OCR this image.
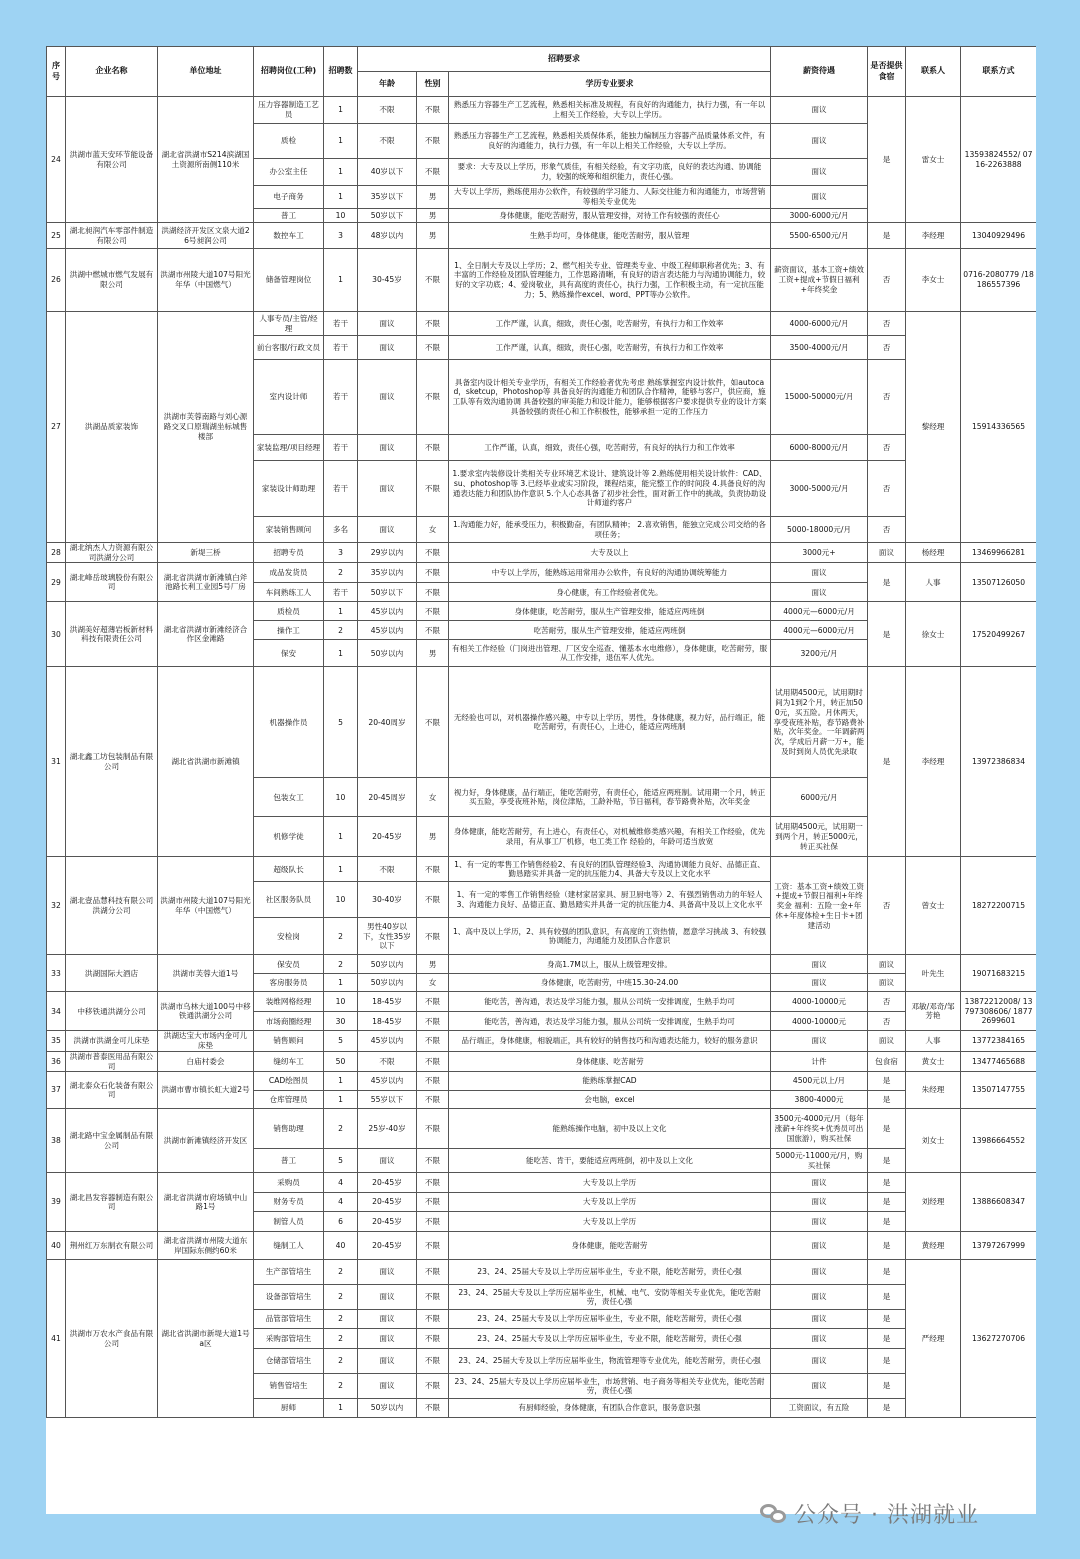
序号	企业名称	单位地址	招聘岗位(工种)	招聘数	招聘要求			薪资待遇	是否提供食宿	联系人	联系方式
					年龄	性别	学历专业要求				
24	洪湖市蓝天安环节能设备有限公司	湖北省洪湖市S214滨湖国土资源所南侧110米	压力容器制造工艺员	1	不限	不限	熟悉压力容器生产工艺流程，熟悉相关标准及规程，有良好的沟通能力，执行力强，有一年以上相关工作经验，大专以上学历。	面议	是	雷女士	13593824552/ 0716-2263888
			质检	1	不限	不限	熟悉压力容器生产工艺流程，熟悉相关质保体系，能独力编制压力容器产品质量体系文件，有良好的沟通能力，执行力强，有一年以上相关工作经验，大专以上学历。	面议			
			办公室主任	1	40岁以下	不限	要求：大专及以上学历，形象气质佳，有相关经验，有文字功底，良好的表达沟通、协调能力，较强的统筹和组织能力，责任心强。	面议			
			电子商务	1	35岁以下	男	大专以上学历，熟练使用办公软件，有较强的学习能力、人际交往能力和沟通能力，市场营销等相关专业优先	面议			
			普工	10	50岁以下	男	身体健康，能吃苦耐劳，服从管理安排，对待工作有较强的责任心	3000-6000元/月			
25	湖北昶润汽车零部件制造有限公司	洪湖经济开发区文泉大道26号昶润公司	数控车工	3	48岁以内	男	生熟手均可，身体健康，能吃苦耐劳，服从管理	5500-6500元/月	是	李经理	13040929496
26	洪湖中燃城市燃气发展有限公司	洪湖市州陵大道107号阳光年华（中国燃气）	储备管理岗位	1	30-45岁	不限	1、全日制大专及以上学历；2、燃气相关专业、管理类专业、中级工程师职称者优先；3、有丰富的工作经验及团队管理能力，工作思路清晰，有良好的语言表达能力与沟通协调能力，较好的文字功底；4、爱岗敬业，具有高度的责任心，执行力强，工作积极主动，有一定抗压能力；5、熟练操作excel、word、PPT等办公软件。	薪资面议，基本工资+绩效工资+提成+节假日福利+年终奖金	否	李女士	0716-2080779 /18186557396
27	洪湖品质家装饰	洪湖市芙蓉南路与刘心源路交叉口原瑞湖坐标城售楼部	人事专员/主管/经理	若干	面议	不限	工作严谨，认真，细致，责任心强，吃苦耐劳，有执行力和工作效率	4000-6000元/月	否	黎经理	15914336565
			前台客服/行政文员	若干	面议	不限	工作严谨，认真，细致，责任心强，吃苦耐劳，有执行力和工作效率	3500-4000元/月	否		
			室内设计师	若干	面议	不限	具备室内设计相关专业学历，有相关工作经验者优先考虑 熟练掌握室内设计软件，如autocad，sketcup，Photoshop等 具备良好的沟通能力和团队合作精神，能够与客户，供应商，施工队等有效沟通协调 具备较强的审美能力和设计能力，能够根据客户要求提供专业的设计方案 具备较强的责任心和工作积极性，能够承担一定的工作压力	15000-50000元/月	否		
			家装监理/项目经理	若干	面议	不限	工作严谨，认真，细致，责任心强，吃苦耐劳，有良好的执行力和工作效率	6000-8000元/月	否		
			家装设计师助理	若干	面议	不限	1.要求室内装修设计类相关专业环境艺术设计、建筑设计等 2.熟练使用相关设计软件：CAD、su、photoshop等 3.已经毕业或实习阶段，课程结束，能完整工作的时间段 4.具备良好的沟通表达能力和团队协作意识 5.个人心态具备了初步社会性，面对新工作中的挑战，负责协助设计师道约客户	3000-5000元/月	否		
			家装销售顾问	多名	面议	女	1.沟通能力好，能承受压力，积极勤奋，有团队精神； 2.喜欢销售，能独立完成公司交给的各项任务；	5000-18000元/月	否		
28	湖北纳杰人力资源有限公司洪湖分公司	新堤三桥	招聘专员	3	29岁以内	不限	大专及以上	3000元+	面议	杨经理	13469966281
29	湖北峰岳玻璃股份有限公司	湖北省洪湖市新滩镇白斧池路长利工业园5号厂房	成品发货员	2	35岁以内	不限	中专以上学历，能熟练运用常用办公软件，有良好的沟通协调统筹能力	面议	是	人事	13507126050
			车间熟练工人	若干	50岁以下	不限	身心健康，有工作经验者优先。	面议			
30	洪湖美好超薄岩板新材料科技有限责任公司	湖北省洪湖市新滩经济合作区金滩路	质检员	1	45岁以内	不限	身体健康，吃苦耐劳，服从生产管理安排，能适应两班倒	4000元—6000元/月	是	徐女士	17520499267
			操作工	2	45岁以内	不限	吃苦耐劳，服从生产管理安排，能适应两班倒	4000元—6000元/月			
			保安	1	50岁以内	男	有相关工作经验（门岗进出管理、厂区安全巡查、懂基本水电维修），身体健康，吃苦耐劳，服从工作安排，退伍军人优先。	3200元/月			
31	湖北鑫工坊包装制品有限公司	湖北省洪湖市新滩镇	机器操作员	5	20-40周岁	不限	无经验也可以，对机器操作感兴趣，中专以上学历，男性，身体健康，视力好，品行端正，能吃苦耐劳，有责任心，上进心，能适应两班制	试用期4500元，试用期时间为1到2个月，转正加500元，买五险。月休两天，享受夜班补贴，春节路费补贴，次年奖金。一年调薪两次，学成后月薪一万+，能及时到岗人员优先录取	是	李经理	13972386834
			包装女工	10	20-45周岁	女	视力好，身体健康，品行端正，能吃苦耐劳，有责任心，能适应两班制。试用期一个月，转正买五险，享受夜班补贴，岗位津贴，工龄补贴，节日福利，春节路费补贴，次年奖金	6000元/月			
			机修学徒	1	20-45岁	男	身体健康，能吃苦耐劳，有上进心，有责任心，对机械维修类感兴趣，有相关工作经验，优先录用，有从事工厂机修，电工类工作 经验的，年龄可适当放宽	试用期4500元，试用期一到两个月，转正5000元，转正买社保			
32	湖北壹品慧科技有限公司洪湖分公司	洪湖市州陵大道107号阳光年华（中国燃气）	超级队长	1	不限	不限	1、有一定的零售工作销售经验2、有良好的团队管理经验3、沟通协调能力良好、品德正直、勤恳踏实并具备一定的抗压能力4、具备大专及以上文化水平	工资：基本工资+绩效工资+提成+节假日福利+年终奖金 福利：五险一金+年休+年度体检+生日卡+团建活动	否	曾女士	18272200715
			社区服务队员	10	30-40岁	不限	1、有一定的零售工作销售经验（建材家居家具、厨卫厨电等）2、有强烈销售动力的年轻人3、沟通能力良好、品德正直、勤恳踏实并具备一定的抗压能力4、具备高中及以上文化水平				
			安检岗	2	男性40岁以下，女性35岁以下	不限	1、高中及以上学历，2、具有较强的团队意识，有高度的工资热情，愿意学习挑战 3、有较强协调能力，沟通能力及团队合作意识				
33	洪湖国际大酒店	洪湖市芙蓉大道1号	保安员	2	50岁以内	男	身高1.7M以上，服从上级管理安排。	面议	面议	叶先生	19071683215
			客房服务员	1	50岁以内	女	身体健康，吃苦耐劳，中班15.30-24.00	面议	面议		
34	中移铁通洪湖分公司	洪湖市乌林大道100号中移铁通洪湖分公司	装维网格经理	10	18-45岁	不限	能吃苦，善沟通，表达及学习能力强，服从公司统一安排调度，生熟手均可	4000-10000元	否	邓敏/邓奇/邹芳艳	13872212008/ 13797308606/ 18772699601
			市场商圈经理	30	18-45岁	不限	能吃苦，善沟通，表达及学习能力强，服从公司统一安排调度，生熟手均可	4000-10000元	否		
35	洪湖市洪湖金可儿床垫	洪湖达宝大市场内金可儿床垫	销售顾问	5	45岁以内	不限	品行端正，身体健康，相貌端正，具有较好的销售技巧和沟通表达能力，较好的服务意识	面议	面议	人事	13772384165
36	洪湖市普泰医用品有限公司	白庙村委会	缝纫车工	50	不限	不限	身体健康、吃苦耐劳	计件	包食宿	黄女士	13477465688
37	湖北泰众石化装备有限公司	洪湖市曹市镇长虹大道2号	CAD绘图员	1	45岁以内	不限	能熟练掌握CAD	4500元以上/月	是	朱经理	13507147755
			仓库管理员	1	55岁以下	不限	会电脑，excel	3800-4000元	是		
38	湖北路中宝金属制品有限公司	洪湖市新滩镇经济开发区	销售助理	2	25岁-40岁	不限	能熟练操作电脑，初中及以上文化	3500元-4000元/月（每年涨薪+年终奖+优秀员可出国旅游），购买社保	是	刘女士	13986664552
			普工	5	面议	不限	能吃苦、肯干，要能适应两班倒，初中及以上文化	5000元-11000元/月，购买社保	是		
39	湖北昌发容器制造有限公司	湖北省洪湖市府场镇中山路1号	采购员	4	20-45岁	不限	大专及以上学历	面议	是	刘经理	13886608347
			财务专员	4	20-45岁	不限	大专及以上学历	面议	是		
			制管人员	6	20-45岁	不限	大专及以上学历	面议	是		
40	荆州红万东制衣有限公司	湖北省洪湖市州陵大道东岸国际东侧约60米	缝制工人	40	20-45岁	不限	身体健康，能吃苦耐劳	面议	是	黄经理	13797267999
41	洪湖市万农水产食品有限公司	湖北省洪湖市新堤大道1号a区	生产部管培生	2	面议	不限	23、24、25届大专及以上学历应届毕业生，专业不限，能吃苦耐劳，责任心强	面议	是	严经理	13627270706
			设备部管培生	2	面议	不限	23、24、25届大专及以上学历应届毕业生，机械、电气、安防等相关专业优先，能吃苦耐劳，责任心强	面议	是		
			品管部管培生	2	面议	不限	23、24、25届大专及以上学历应届毕业生，专业不限，能吃苦耐劳，责任心强	面议	是		
			采购部管培生	2	面议	不限	23、24、25届大专及以上学历应届毕业生，专业不限，能吃苦耐劳，责任心强	面议	是		
			仓储部管培生	2	面议	不限	23、24、25届大专及以上学历应届毕业生，物流管理等专业优先，能吃苦耐劳，责任心强	面议	是		
			销售管培生	2	面议	不限	23、24、25届大专及以上学历应届毕业生，市场营销、电子商务等相关专业优先，能吃苦耐劳，责任心强	面议	是		
			厨师	1	50岁以内	不限	有厨师经验，身体健康，有团队合作意识，服务意识强	工资面议，有五险	是		
公众号 · 洪湖就业
